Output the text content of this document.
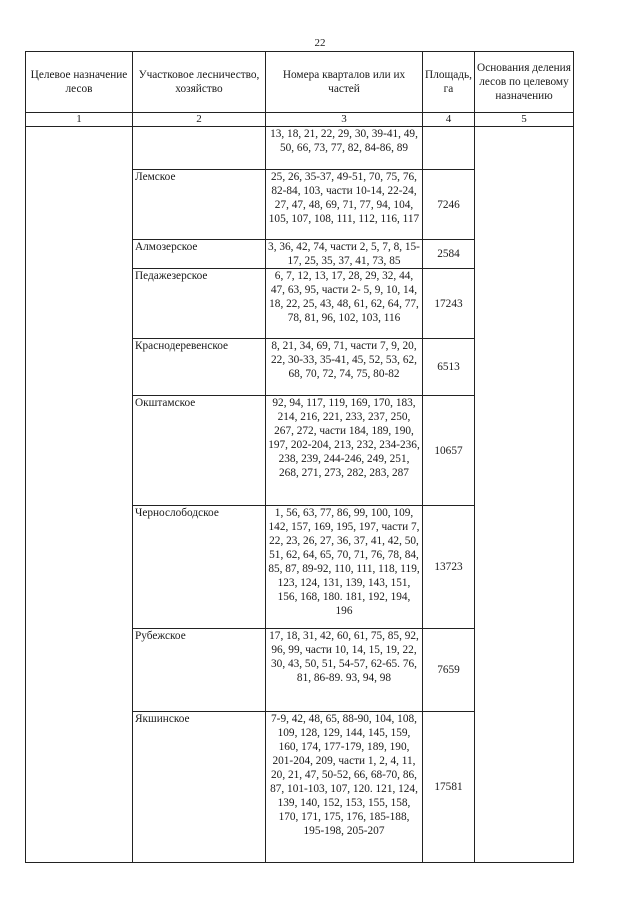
22
Целевое назначение лесов	Участковое лесничество, хозяйство	Номера кварталов или их частей	Площадь, га	Основания деления лесов по целевому назначению
1	2	3	4	5
		13, 18, 21, 22, 29, 30, 39-41, 49, 50, 66, 73, 77, 82, 84-86, 89		
	Лемское	25, 26, 35-37, 49-51, 70, 75, 76, 82-84, 103, части 10-14, 22-24, 27, 47, 48, 69, 71, 77, 94, 104, 105, 107, 108, 111, 112, 116, 117	7246	
	Алмозерское	3, 36, 42, 74, части 2, 5, 7, 8, 15-17, 25, 35, 37, 41, 73, 85	2584	
	Педажезерское	6, 7, 12, 13, 17, 28, 29, 32, 44, 47, 63, 95, части 2- 5, 9, 10, 14, 18, 22, 25, 43, 48, 61, 62, 64, 77, 78, 81, 96, 102, 103, 116	17243	
	Краснодеревенское	8, 21, 34, 69, 71, части 7, 9, 20, 22, 30-33, 35-41, 45, 52, 53, 62, 68, 70, 72, 74, 75, 80-82	6513	
	Окштамское	92, 94, 117, 119, 169, 170, 183, 214, 216, 221, 233, 237, 250, 267, 272, части 184, 189, 190, 197, 202-204, 213, 232, 234-236, 238, 239, 244-246, 249, 251, 268, 271, 273, 282, 283, 287	10657	
	Чернослободское	1, 56, 63, 77, 86, 99, 100, 109, 142, 157, 169, 195, 197, части 7, 22, 23, 26, 27, 36, 37, 41, 42, 50, 51, 62, 64, 65, 70, 71, 76, 78, 84, 85, 87, 89-92, 110, 111, 118, 119, 123, 124, 131, 139, 143, 151, 156, 168, 180. 181, 192, 194, 196	13723	
	Рубежское	17, 18, 31, 42, 60, 61, 75, 85, 92, 96, 99, части 10, 14, 15, 19, 22, 30, 43, 50, 51, 54-57, 62-65. 76, 81, 86-89. 93, 94, 98	7659	
	Якшинское	7-9, 42, 48, 65, 88-90, 104, 108, 109, 128, 129, 144, 145, 159, 160, 174, 177-179, 189, 190, 201-204, 209, части 1, 2, 4, 11, 20, 21, 47, 50-52, 66, 68-70, 86, 87, 101-103, 107, 120. 121, 124, 139, 140, 152, 153, 155, 158, 170, 171, 175, 176, 185-188, 195-198, 205-207	17581	
